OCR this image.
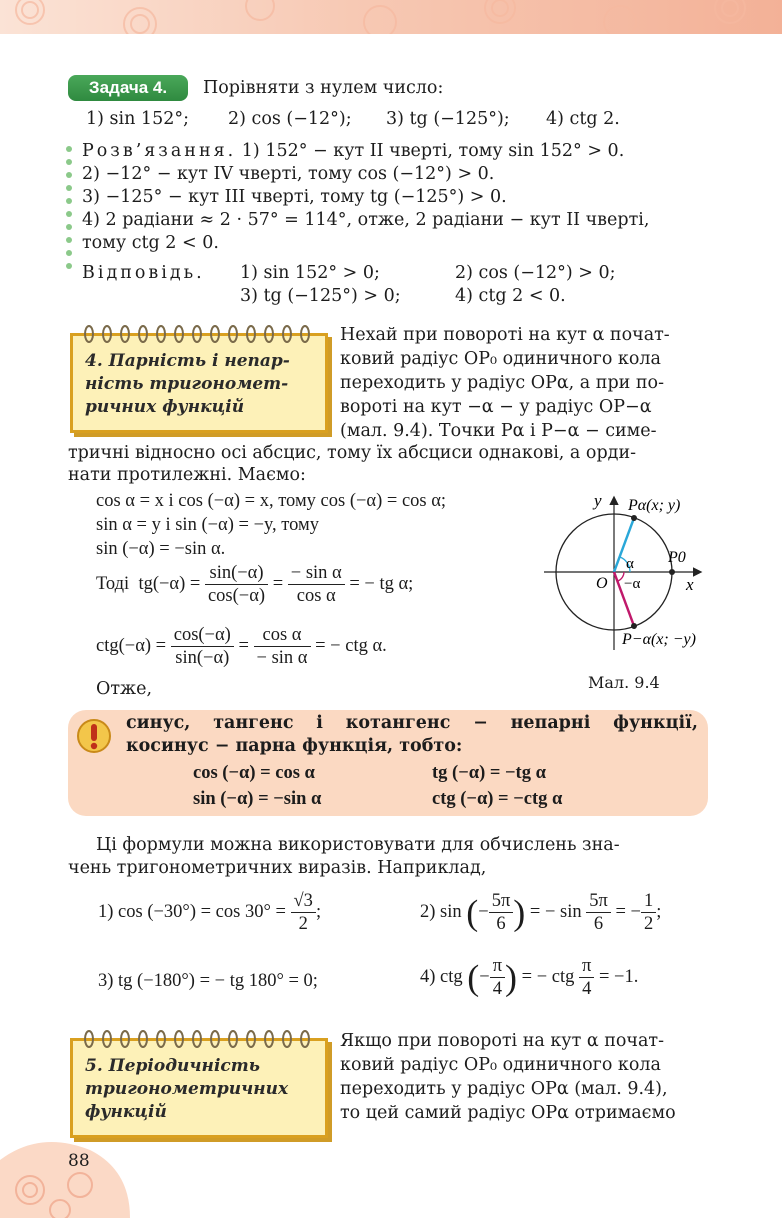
Задача 4.	Порівняти з нулем число:
1) sin 152°; 2) cos (−12°); 3) tg (−125°); 4) ctg 2.
Розв’язання. 1) 152° − кут II чверті, тому sin 152° > 0.
2) −12° − кут IV чверті, тому cos (−12°) > 0.
3) −125° − кут III чверті, тому tg (−125°) > 0.
4) 2 радіани ≈ 2 · 57° = 114°, отже, 2 радіани − кут II чверті,
тому ctg 2 < 0.
Відповідь. 1) sin 152° > 0;	2) cos (−12°) > 0;
3) tg (−125°) > 0;	4) ctg 2 < 0.
4. Парність і непар-
ність тригономет-
ричних функцій
Нехай при повороті на кут α почат-
ковий радіус OP₀ одиничного кола
переходить у радіус OPα, а при по-
вороті на кут −α − у радіус OP−α
(мал. 9.4). Точки Pα і P−α − симе-
тричні відносно осі абсцис, тому їх абсциси однакові, а орди-
нати протилежні. Маємо:
cos α = x і cos (−α) = x, тому cos (−α) = cos α;
sin α = y і sin (−α) = −y, тому
sin (−α) = −sin α.
Тоді $tg(-\alpha) = \frac{\sin(-\alpha)}{\cos(-\alpha)} = \frac{\text{− sin α}}{\text{cos α}}$ = − tg α;
$ctg(-\alpha) = \frac{\cos(-\alpha)}{\sin(-\alpha)} = \frac{\text{cos α}}{\text{− sin α}}$ = − ctg α.
Отже,
y
x
O
Pα(x; y)
P0
α
−α
P−α(x; −y)
Мал. 9.4
синус, тангенс і котангенс − непарні функції,
косинус − парна функція, тобто:
cos (−α) = cos α	tg (−α) = −tg α
sin (−α) = −sin α	ctg (−α) = −ctg α
Ці формули можна використовувати для обчислень зна-
чень тригонометричних виразів. Наприклад,
1) $\cos (-30^\circ) = \cos 30^\circ = \frac{√3}{2}$ ;	2) sin (− $\frac{5\pi}{6}$ ) = − $\sin \frac{5\pi}{6}$ = − $\frac{1}{2}$ ;
3) tg (−180°) = − tg 180° = 0;	4) ctg (− $\frac{\pi}{4}$ ) = − ctg $\frac{\pi}{4} = -1$.
5. Періодичність
тригонометричних
функцій
Якщо при повороті на кут α почат-
ковий радіус OP₀ одиничного кола
переходить у радіус OPα (мал. 9.4),
то цей самий радіус OPα отримаємо
88
